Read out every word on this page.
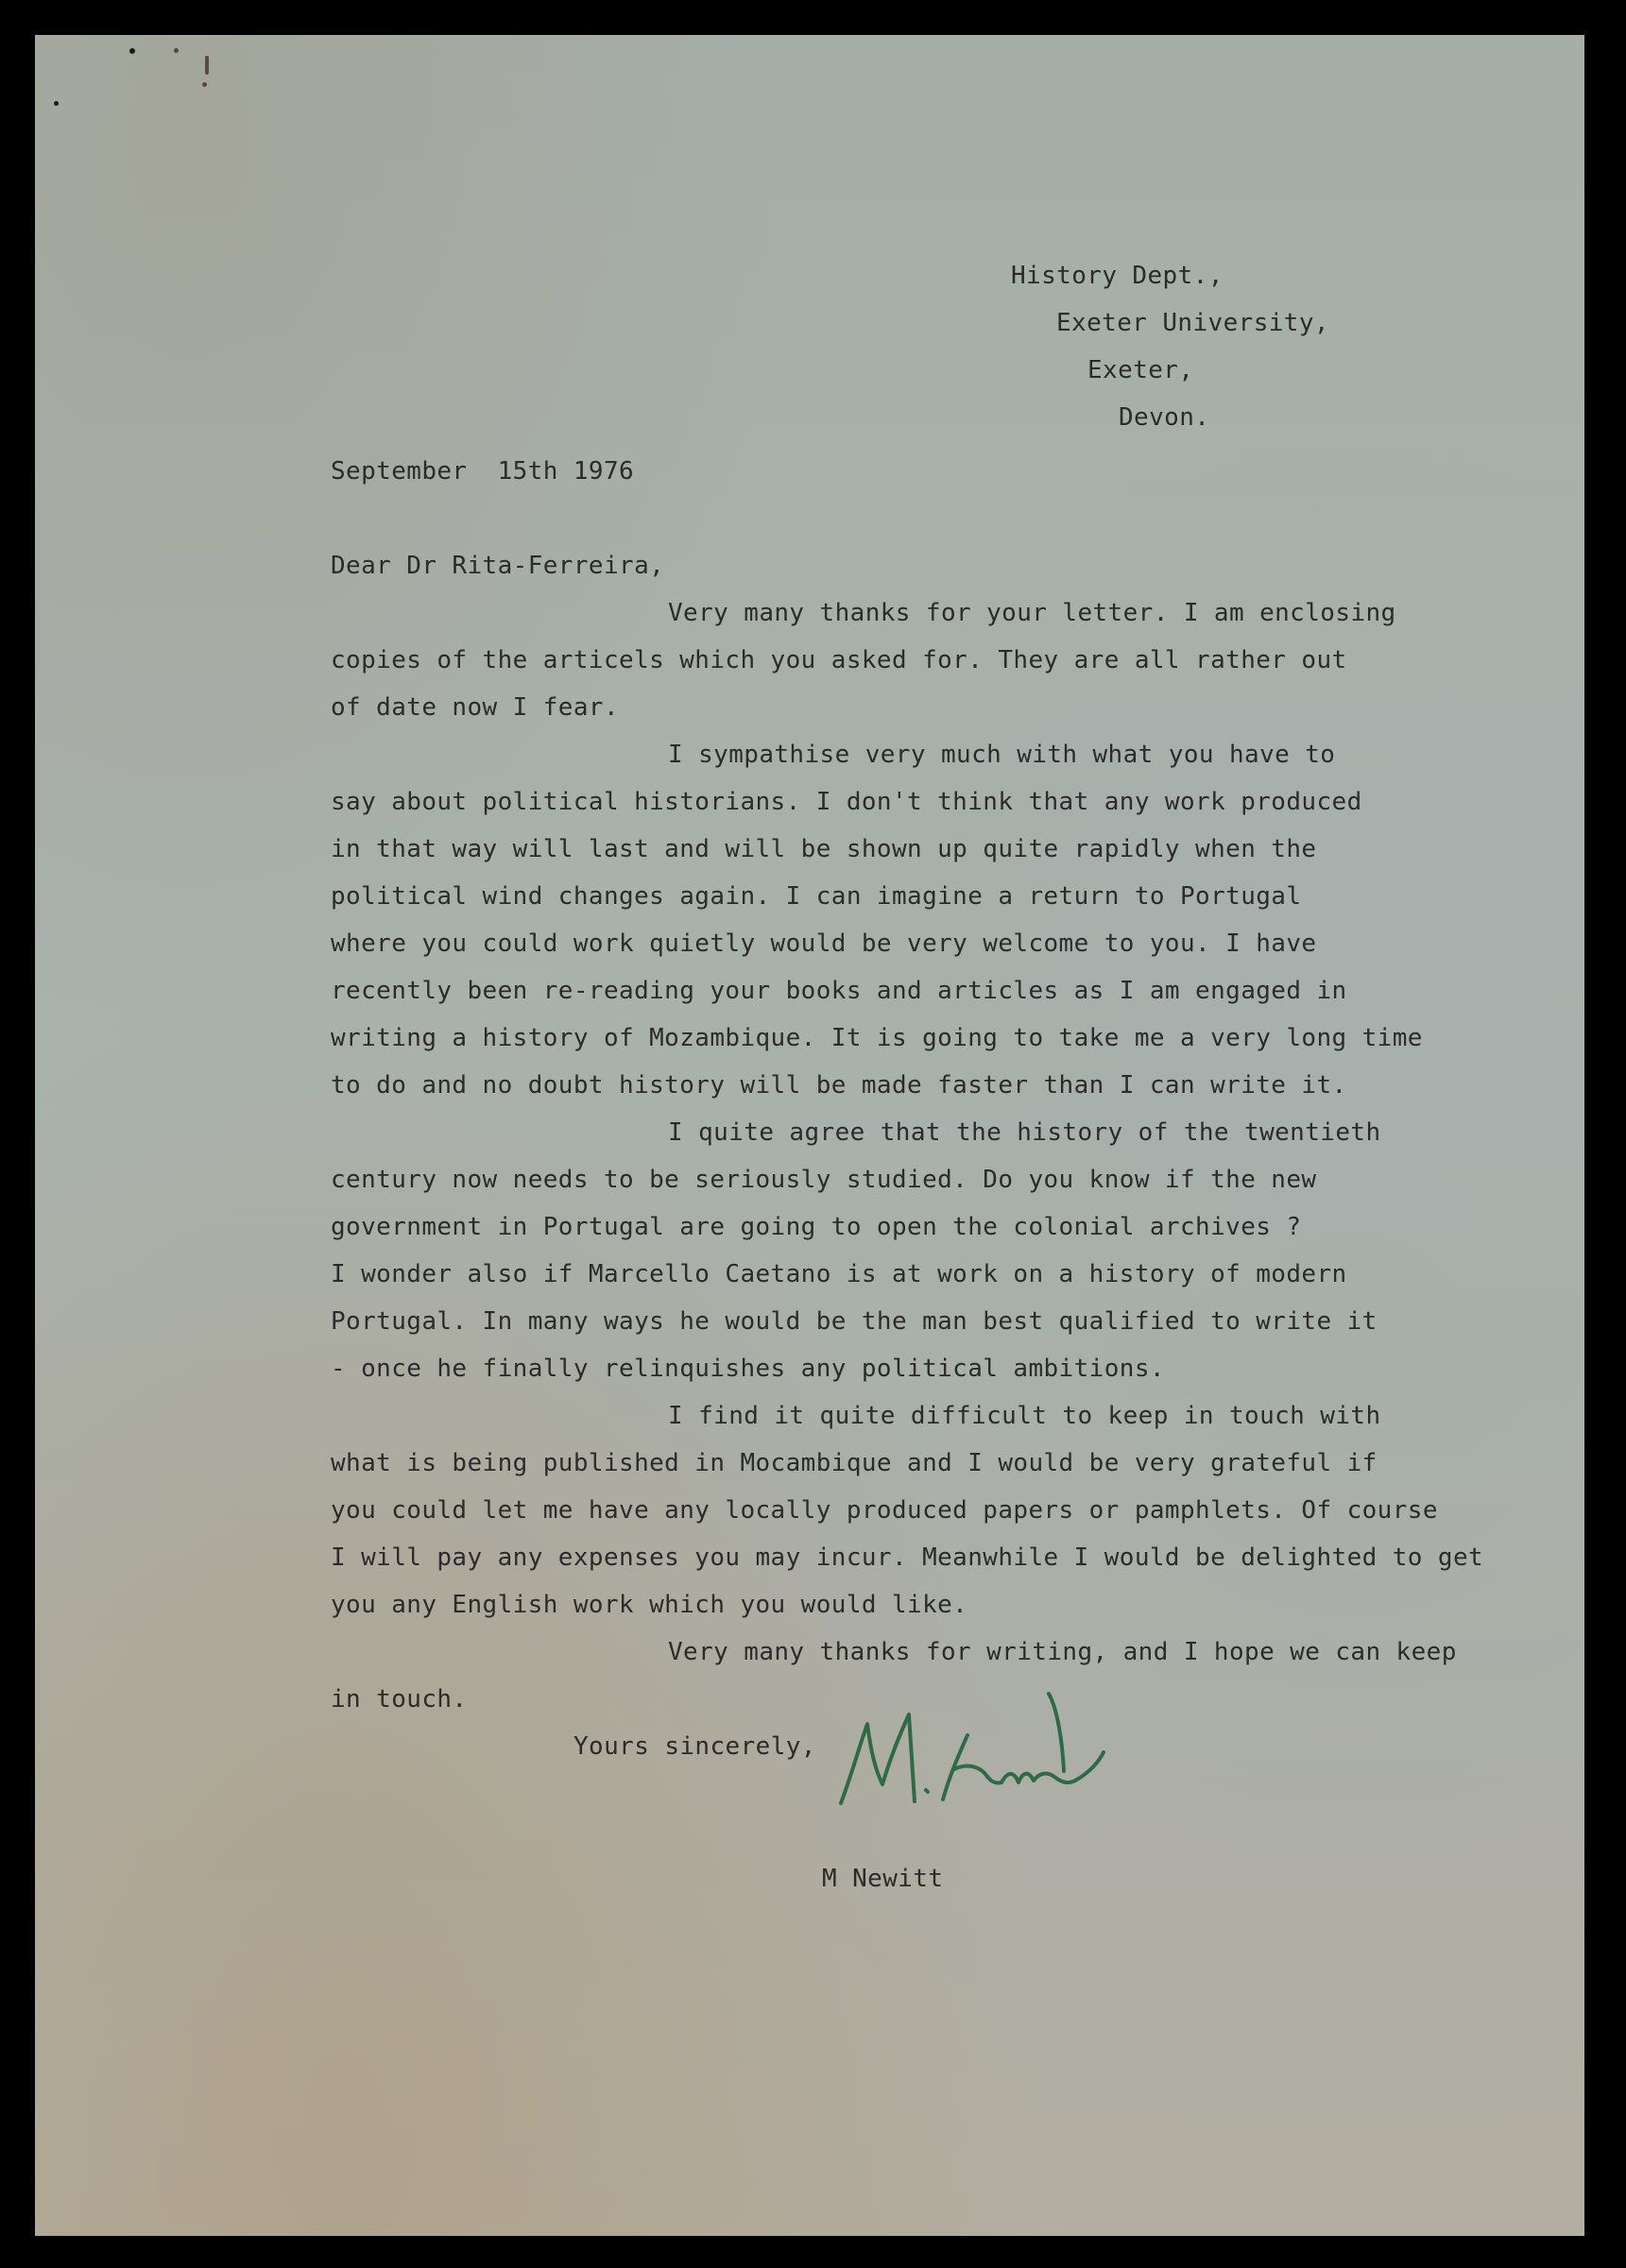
History Dept.,

Exeter University,

Exeter,

Devon.

September  15th 1976

Dear Dr Rita-Ferreira,

Very many thanks for your letter. I am enclosing

copies of the articels which you asked for. They are all rather out

of date now I fear.

I sympathise very much with what you have to

say about political historians. I don't think that any work produced

in that way will last and will be shown up quite rapidly when the

political wind changes again. I can imagine a return to Portugal

where you could work quietly would be very welcome to you. I have

recently been re-reading your books and articles as I am engaged in

writing a history of Mozambique. It is going to take me a very long time

to do and no doubt history will be made faster than I can write it.

I quite agree that the history of the twentieth

century now needs to be seriously studied. Do you know if the new

government in Portugal are going to open the colonial archives ?

I wonder also if Marcello Caetano is at work on a history of modern

Portugal. In many ways he would be the man best qualified to write it

- once he finally relinquishes any political ambitions.

I find it quite difficult to keep in touch with

what is being published in Mocambique and I would be very grateful if

you could let me have any locally produced papers or pamphlets. Of course

I will pay any expenses you may incur. Meanwhile I would be delighted to get

you any English work which you would like.

Very many thanks for writing, and I hope we can keep

in touch.

Yours sincerely,

M Newitt
